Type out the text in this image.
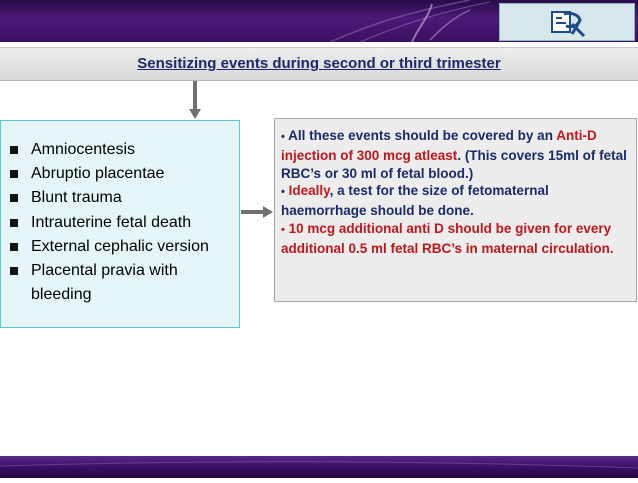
Sensitizing events during second or third trimester
Amniocentesis
Abruptio placentae
Blunt trauma
Intrauterine fetal death
External cephalic version
Placental pravia with bleeding

• All these events should be covered by an Anti-D injection of 300 mcg atleast. (This covers 15ml of fetal RBC’s or 30 ml of fetal blood.)

• Ideally, a test for the size of fetomaternal haemorrhage should be done.

• 10 mcg additional anti D should be given for every additional 0.5 ml fetal RBC’s in maternal circulation.
